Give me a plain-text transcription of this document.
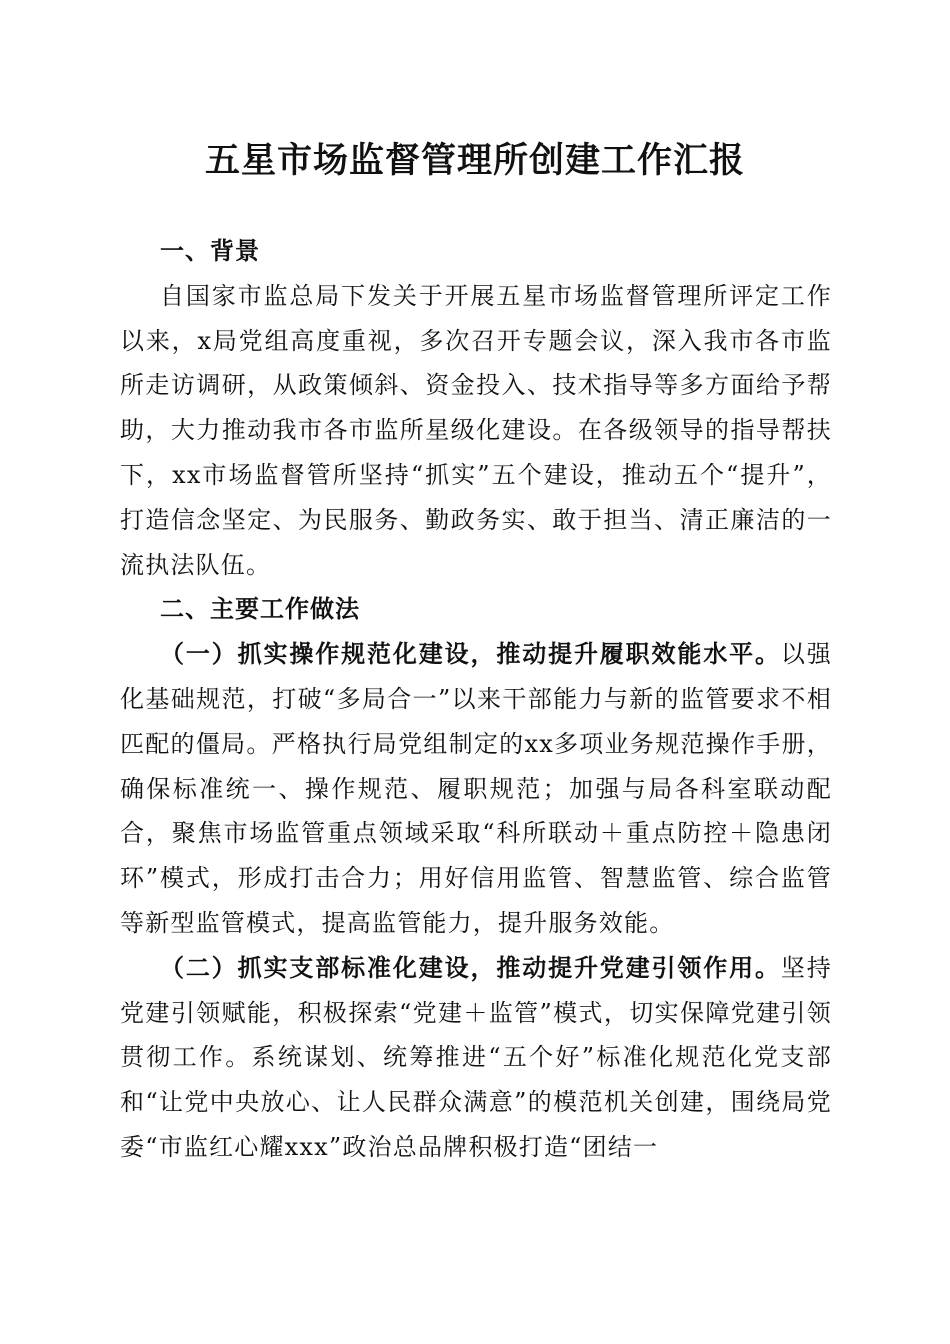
五星市场监督管理所创建工作汇报
一、背景

自国家市监总局下发关于开展五星市场监督管理所评定工作以来，x局党组高度重视，多次召开专题会议，深入我市各市监所走访调研，从政策倾斜、资金投入、技术指导等多方面给予帮助，大力推动我市各市监所星级化建设。在各级领导的指导帮扶下，xx市场监督管所坚持“抓实”五个建设，推动五个“提升”，打造信念坚定、为民服务、勤政务实、敢于担当、清正廉洁的一流执法队伍。

二、主要工作做法

（一）抓实操作规范化建设，推动提升履职效能水平。以强化基础规范，打破“多局合一”以来干部能力与新的监管要求不相匹配的僵局。严格执行局党组制定的xx多项业务规范操作手册，确保标准统一、操作规范、履职规范；加强与局各科室联动配合，聚焦市场监管重点领域采取“科所联动＋重点防控＋隐患闭环”模式，形成打击合力；用好信用监管、智慧监管、综合监管等新型监管模式，提高监管能力，提升服务效能。

（二）抓实支部标准化建设，推动提升党建引领作用。坚持党建引领赋能，积极探索“党建＋监管”模式，切实保障党建引领贯彻工作。系统谋划、统筹推进“五个好”标准化规范化党支部和“让党中央放心、让人民群众满意”的模范机关创建，围绕局党委“市监红心耀xxx”政治总品牌积极打造“团结一
